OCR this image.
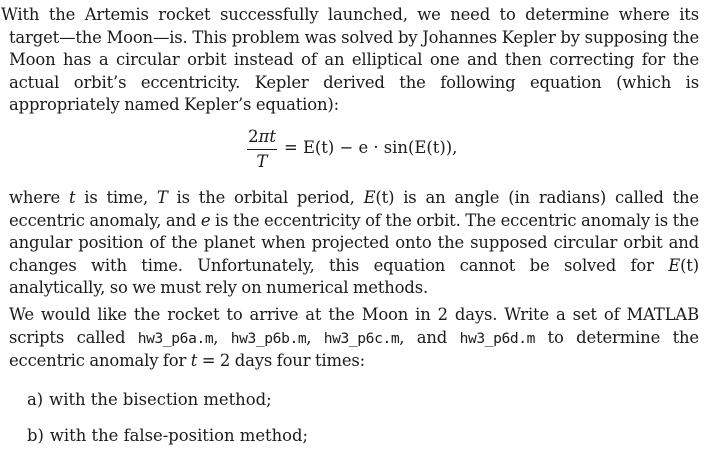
With the Artemis rocket successfully launched, we need to determine where its target—the Moon—is. This problem was solved by Johannes Kepler by supposing the Moon has a circular orbit instead of an elliptical one and then correcting for the actual orbit’s eccentricity. Kepler derived the following equation (which is appropriately named Kepler’s equation):

2πt
T
= E(t) − e · sin(E(t)),

where t is time, T is the orbital period, E(t) is an angle (in radians) called the eccentric anomaly, and e is the eccentricity of the orbit. The eccentric anomaly is the angular position of the planet when projected onto the supposed circular orbit and changes with time. Unfortunately, this equation cannot be solved for E(t) analytically, so we must rely on numerical methods.

We would like the rocket to arrive at the Moon in 2 days. Write a set of MATLAB scripts called hw3_p6a.m, hw3_p6b.m, hw3_p6c.m, and hw3_p6d.m to determine the eccentric anomaly for t = 2 days four times:

a) with the bisection method;
b) with the false-position method;
